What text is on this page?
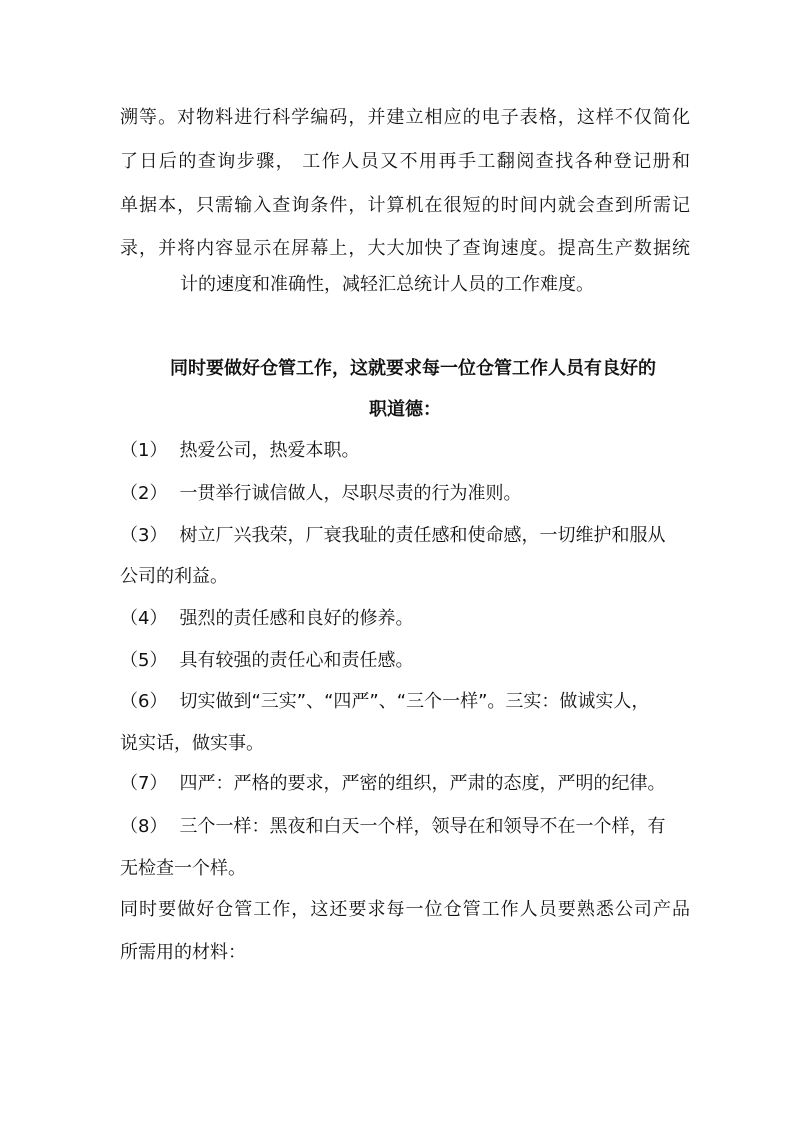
溯等。对物料进行科学编码，并建立相应的电子表格，这样不仅简化
了日后的查询步骤， 工作人员又不用再手工翻阅查找各种登记册和
单据本，只需输入查询条件，计算机在很短的时间内就会查到所需记
录，并将内容显示在屏幕上，大大加快了查询速度。提高生产数据统
计的速度和准确性，减轻汇总统计人员的工作难度。
同时要做好仓管工作，这就要求每一位仓管工作人员有良好的
职道德：
（1） 热爱公司，热爱本职。
（2） 一贯举行诚信做人，尽职尽责的行为准则。
（3） 树立厂兴我荣，厂衰我耻的责任感和使命感，一切维护和服从
公司的利益。
（4） 强烈的责任感和良好的修养。
（5） 具有较强的责任心和责任感。
（6） 切实做到“三实”、“四严”、“三个一样”。三实：做诚实人，
说实话，做实事。
（7） 四严：严格的要求，严密的组织，严肃的态度，严明的纪律。
（8） 三个一样：黑夜和白天一个样，领导在和领导不在一个样，有
无检查一个样。
同时要做好仓管工作，这还要求每一位仓管工作人员要熟悉公司产品
所需用的材料：
